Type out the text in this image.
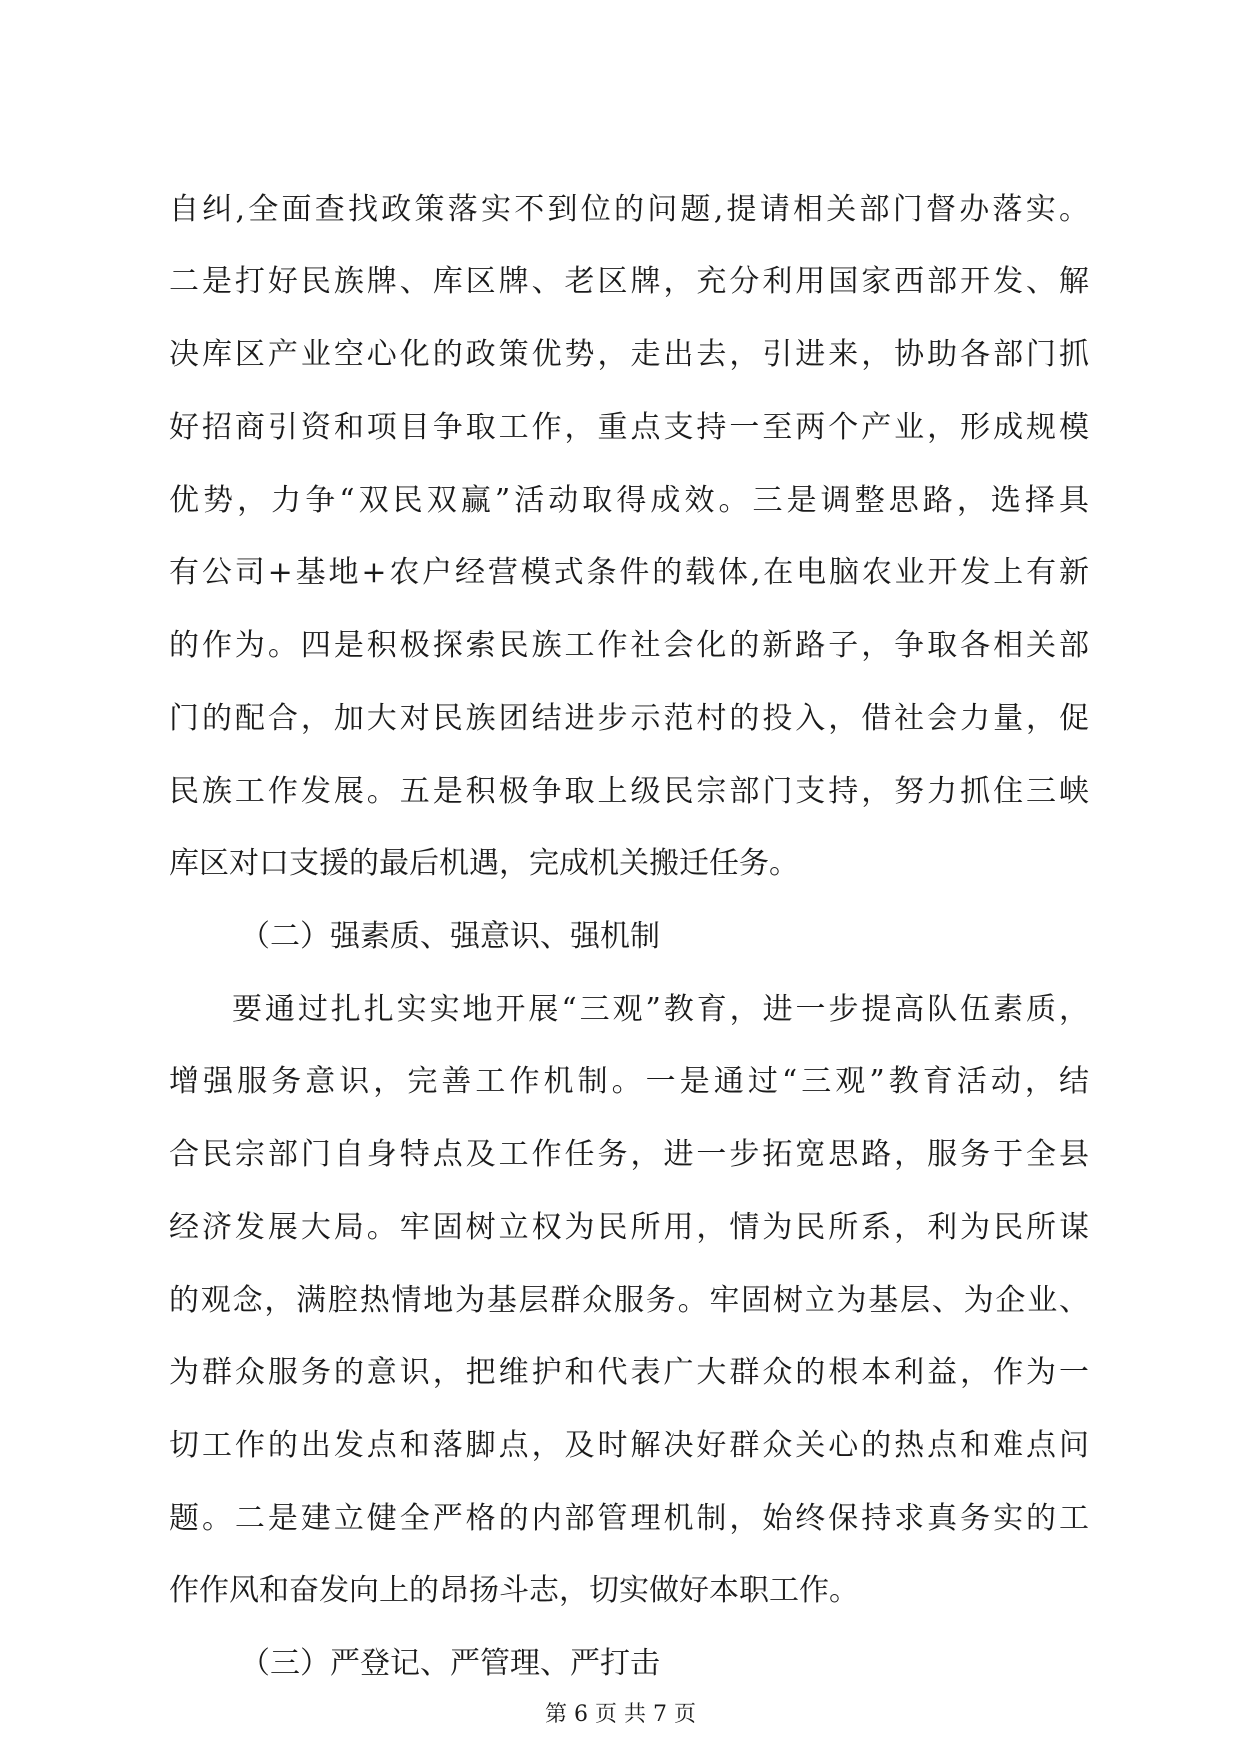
自纠,全面查找政策落实不到位的问题,提请相关部门督办落实。
二是打好民族牌、库区牌、老区牌，充分利用国家西部开发、解
决库区产业空心化的政策优势，走出去，引进来，协助各部门抓
好招商引资和项目争取工作，重点支持一至两个产业，形成规模
优势，力争“双民双赢”活动取得成效。三是调整思路，选择具
有公司+基地+农户经营模式条件的载体,在电脑农业开发上有新
的作为。四是积极探索民族工作社会化的新路子，争取各相关部
门的配合，加大对民族团结进步示范村的投入，借社会力量，促
民族工作发展。五是积极争取上级民宗部门支持，努力抓住三峡
库区对口支援的最后机遇，完成机关搬迁任务。
（二）强素质、强意识、强机制
要通过扎扎实实地开展“三观”教育，进一步提高队伍素质，
增强服务意识，完善工作机制。一是通过“三观”教育活动，结
合民宗部门自身特点及工作任务，进一步拓宽思路，服务于全县
经济发展大局。牢固树立权为民所用，情为民所系，利为民所谋
的观念，满腔热情地为基层群众服务。牢固树立为基层、为企业、
为群众服务的意识，把维护和代表广大群众的根本利益，作为一
切工作的出发点和落脚点，及时解决好群众关心的热点和难点问
题。二是建立健全严格的内部管理机制，始终保持求真务实的工
作作风和奋发向上的昂扬斗志，切实做好本职工作。
（三）严登记、严管理、严打击
第 6 页 共 7 页
